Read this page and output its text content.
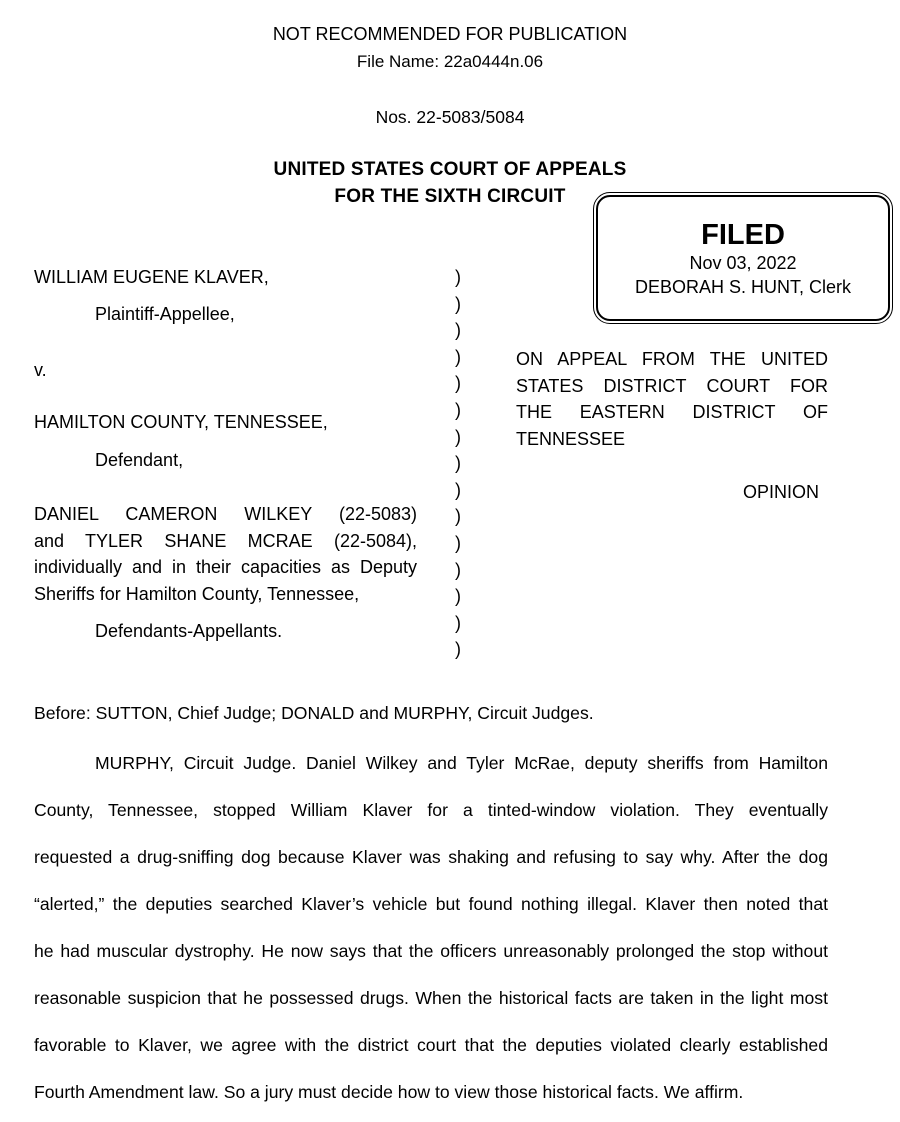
NOT RECOMMENDED FOR PUBLICATION
File Name: 22a0444n.06
Nos. 22-5083/5084
UNITED STATES COURT OF APPEALS
FOR THE SIXTH CIRCUIT
FILED
Nov 03, 2022
DEBORAH S. HUNT, Clerk
WILLIAM EUGENE KLAVER,
Plaintiff-Appellee,
v.
HAMILTON COUNTY, TENNESSEE,
Defendant,
DANIEL CAMERON WILKEY (22-5083)
and TYLER SHANE MCRAE (22-5084),
individually and in their capacities as Deputy
Sheriffs for Hamilton County, Tennessee,
Defendants-Appellants.
)
)
)
)
)
)
)
)
)
)
)
)
)
)
)
ON APPEAL FROM THE UNITED STATES DISTRICT COURT FOR THE EASTERN DISTRICT OF TENNESSEE
OPINION
Before: SUTTON, Chief Judge; DONALD and MURPHY, Circuit Judges.
MURPHY, Circuit Judge. Daniel Wilkey and Tyler McRae, deputy sheriffs from Hamilton
County, Tennessee, stopped William Klaver for a tinted-window violation. They eventually
requested a drug-sniffing dog because Klaver was shaking and refusing to say why. After the dog
“alerted,” the deputies searched Klaver’s vehicle but found nothing illegal. Klaver then noted that
he had muscular dystrophy. He now says that the officers unreasonably prolonged the stop without
reasonable suspicion that he possessed drugs. When the historical facts are taken in the light most
favorable to Klaver, we agree with the district court that the deputies violated clearly established
Fourth Amendment law. So a jury must decide how to view those historical facts. We affirm.
